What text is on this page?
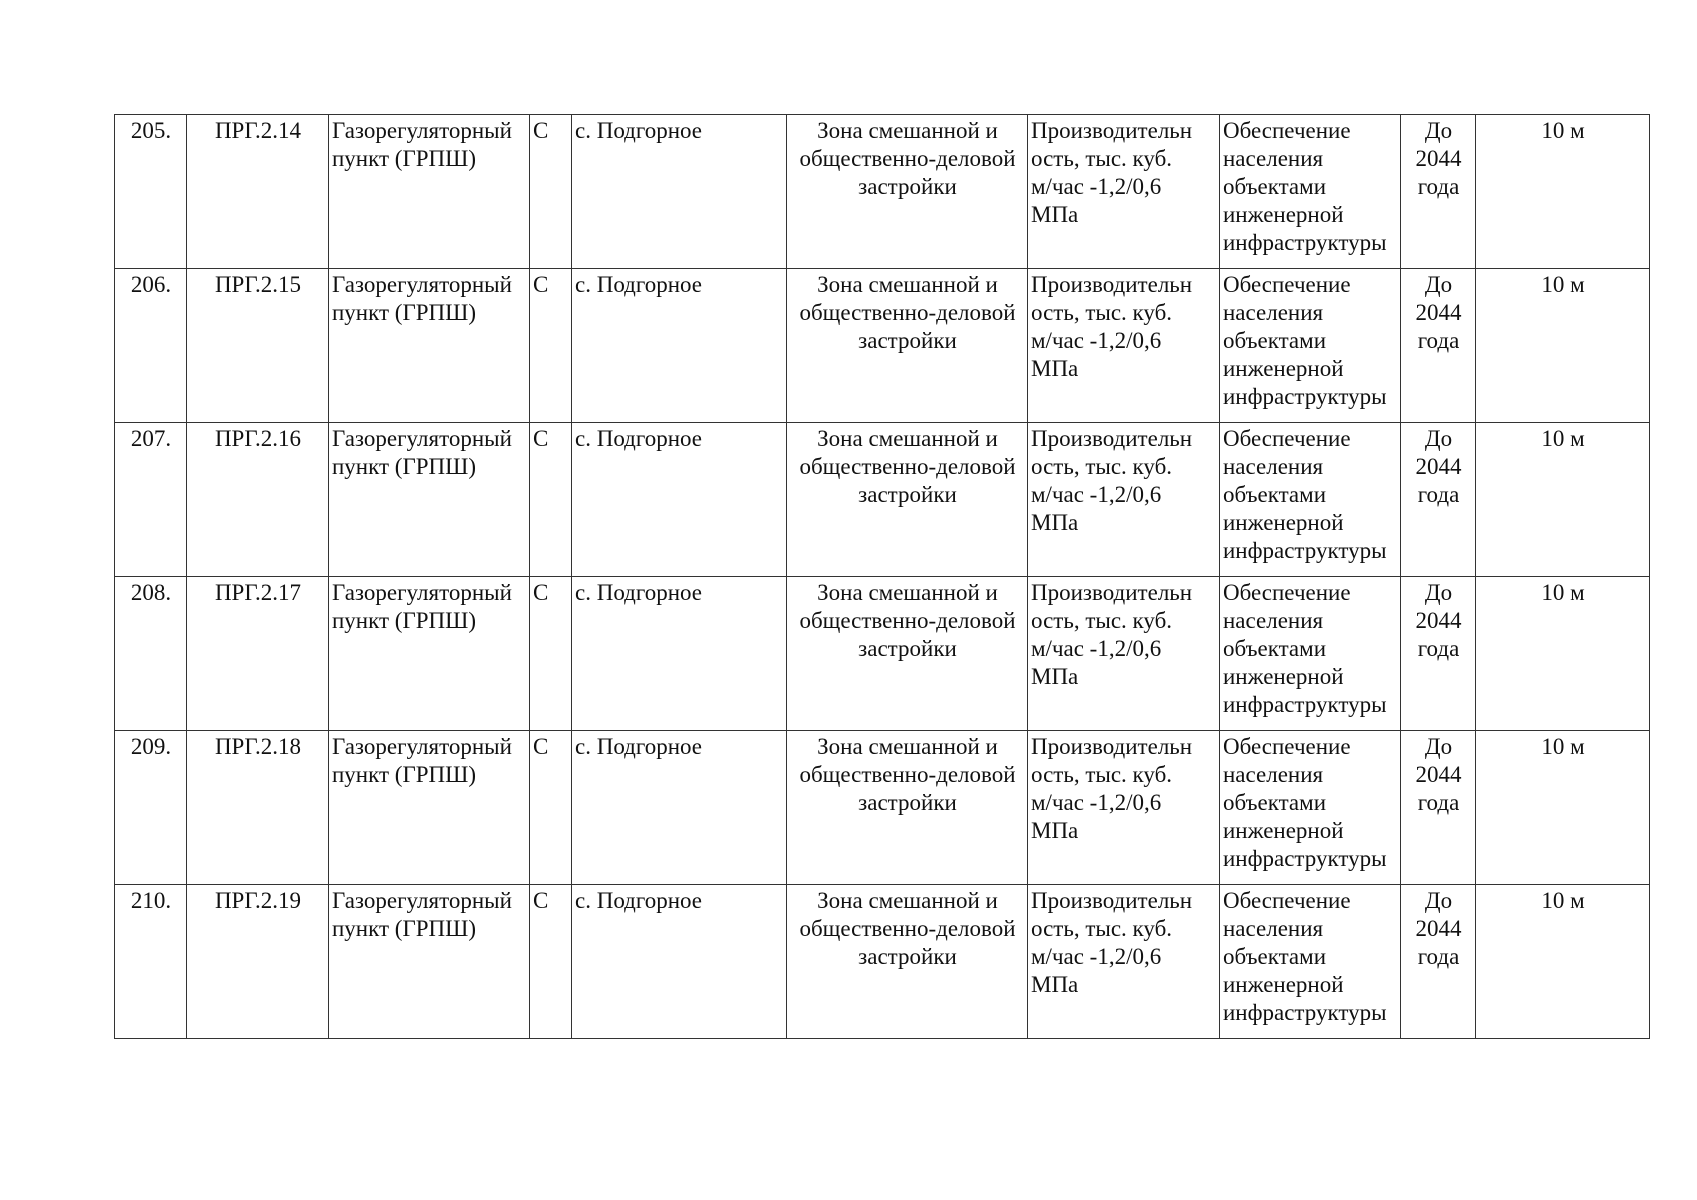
205.	ПРГ.2.14	Газорегуляторный
пункт (ГРПШ)	С	с. Подгорное	Зона смешанной и
общественно-деловой
застройки	Производительн
ость, тыс. куб.
м/час -1,2/0,6
МПа	Обеспечение
населения
объектами
инженерной
инфраструктуры	До
2044
года	10 м

206.	ПРГ.2.15	Газорегуляторный
пункт (ГРПШ)	С	с. Подгорное	Зона смешанной и
общественно-деловой
застройки	Производительн
ость, тыс. куб.
м/час -1,2/0,6
МПа	Обеспечение
населения
объектами
инженерной
инфраструктуры	До
2044
года	10 м

207.	ПРГ.2.16	Газорегуляторный
пункт (ГРПШ)	С	с. Подгорное	Зона смешанной и
общественно-деловой
застройки	Производительн
ость, тыс. куб.
м/час -1,2/0,6
МПа	Обеспечение
населения
объектами
инженерной
инфраструктуры	До
2044
года	10 м

208.	ПРГ.2.17	Газорегуляторный
пункт (ГРПШ)	С	с. Подгорное	Зона смешанной и
общественно-деловой
застройки	Производительн
ость, тыс. куб.
м/час -1,2/0,6
МПа	Обеспечение
населения
объектами
инженерной
инфраструктуры	До
2044
года	10 м

209.	ПРГ.2.18	Газорегуляторный
пункт (ГРПШ)	С	с. Подгорное	Зона смешанной и
общественно-деловой
застройки	Производительн
ость, тыс. куб.
м/час -1,2/0,6
МПа	Обеспечение
населения
объектами
инженерной
инфраструктуры	До
2044
года	10 м

210.	ПРГ.2.19	Газорегуляторный
пункт (ГРПШ)	С	с. Подгорное	Зона смешанной и
общественно-деловой
застройки	Производительн
ость, тыс. куб.
м/час -1,2/0,6
МПа	Обеспечение
населения
объектами
инженерной
инфраструктуры	До
2044
года	10 м
